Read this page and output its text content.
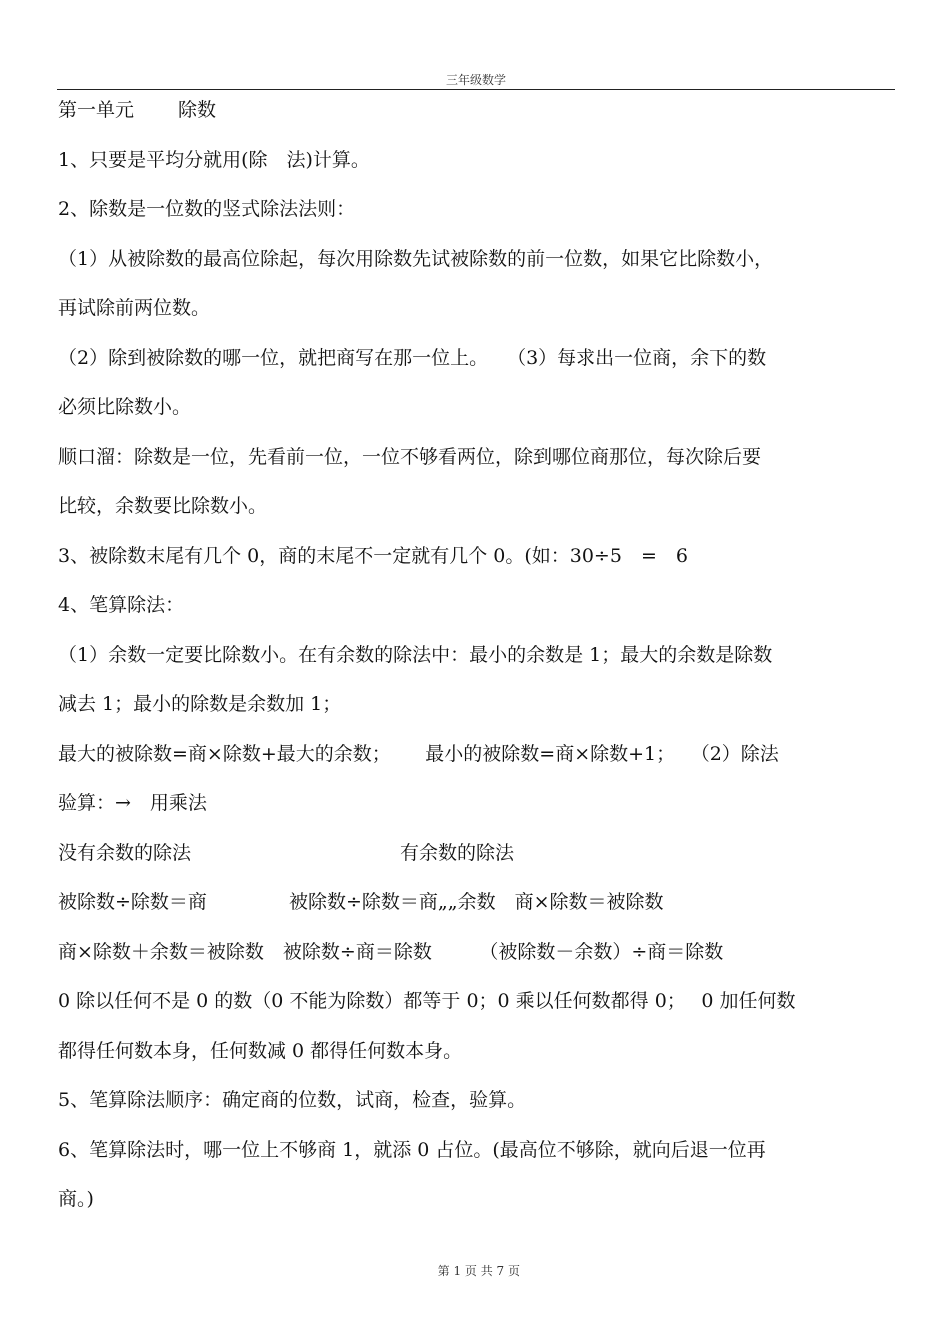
三年级数学
第一单元　　 除数
1、只要是平均分就用(除　法)计算。
2、除数是一位数的竖式除法法则：
（1）从被除数的最高位除起，每次用除数先试被除数的前一位数，如果它比除数小，
再试除前两位数。
（2）除到被除数的哪一位，就把商写在那一位上。　　（3）每求出一位商，余下的数
必须比除数小。
顺口溜：除数是一位，先看前一位，一位不够看两位，除到哪位商那位，每次除后要
比较，余数要比除数小。
3、被除数末尾有几个 0，商的末尾不一定就有几个 0。(如：30÷5　=　6
4、笔算除法：
（1）余数一定要比除数小。在有余数的除法中：最小的余数是 1；最大的余数是除数
减去 1；最小的除数是余数加 1；
最大的被除数=商×除数+最大的余数；　　 最小的被除数=商×除数+1；　 （2）除法
验算：→　用乘法
没有余数的除法　　　　　　　　　　　有余数的除法
被除数÷除数＝商　　　　 被除数÷除数＝商„„余数　商×除数＝被除数
商×除数＋余数＝被除数　被除数÷商＝除数　　　（被除数－余数）÷商＝除数
0 除以任何不是 0 的数（0 不能为除数）都等于 0；0 乘以任何数都得 0；　 0 加任何数
都得任何数本身，任何数减 0 都得任何数本身。
5、笔算除法顺序：确定商的位数，试商，检查，验算。
6、笔算除法时，哪一位上不够商 1，就添 0 占位。(最高位不够除，就向后退一位再
商。)

第 1 页 共 7 页
